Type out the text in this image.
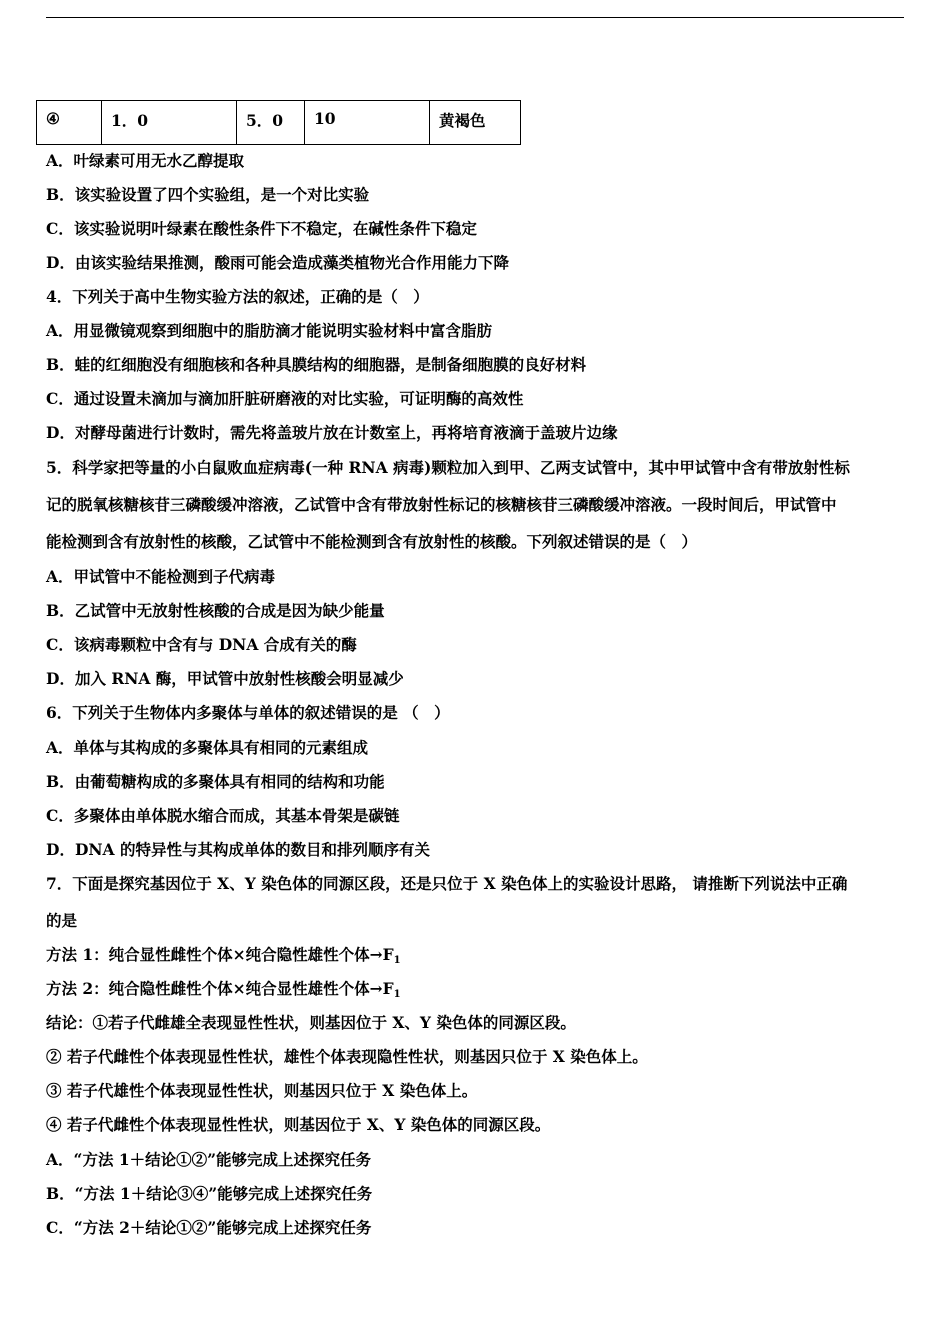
④	1．0	5．0	10	黄褐色
A．叶绿素可用无水乙醇提取
B．该实验设置了四个实验组，是一个对比实验
C．该实验说明叶绿素在酸性条件下不稳定，在碱性条件下稳定
D．由该实验结果推测，酸雨可能会造成藻类植物光合作用能力下降
4．下列关于高中生物实验方法的叙述，正确的是（　）
A．用显微镜观察到细胞中的脂肪滴才能说明实验材料中富含脂肪
B．蛙的红细胞没有细胞核和各种具膜结构的细胞器，是制备细胞膜的良好材料
C．通过设置未滴加与滴加肝脏研磨液的对比实验，可证明酶的高效性
D．对酵母菌进行计数时，需先将盖玻片放在计数室上，再将培育液滴于盖玻片边缘
5．科学家把等量的小白鼠败血症病毒(一种 RNA 病毒)颗粒加入到甲、乙两支试管中，其中甲试管中含有带放射性标
记的脱氧核糖核苷三磷酸缓冲溶液，乙试管中含有带放射性标记的核糖核苷三磷酸缓冲溶液。一段时间后，甲试管中
能检测到含有放射性的核酸，乙试管中不能检测到含有放射性的核酸。下列叙述错误的是（　）
A．甲试管中不能检测到子代病毒
B．乙试管中无放射性核酸的合成是因为缺少能量
C．该病毒颗粒中含有与 DNA 合成有关的酶
D．加入 RNA 酶，甲试管中放射性核酸会明显减少
6．下列关于生物体内多聚体与单体的叙述错误的是 （　）
A．单体与其构成的多聚体具有相同的元素组成
B．由葡萄糖构成的多聚体具有相同的结构和功能
C．多聚体由单体脱水缩合而成，其基本骨架是碳链
D．DNA 的特异性与其构成单体的数目和排列顺序有关
7．下面是探究基因位于 X、Y 染色体的同源区段，还是只位于 X 染色体上的实验设计思路， 请推断下列说法中正确
的是
方法 1：纯合显性雌性个体×纯合隐性雄性个体$\to F_1$
方法 2：纯合隐性雌性个体×纯合显性雄性个体$\to F_1$
结论：①若子代雌雄全表现显性性状，则基因位于 X、Y 染色体的同源区段。
② 若子代雌性个体表现显性性状，雄性个体表现隐性性状，则基因只位于 X 染色体上。
③ 若子代雄性个体表现显性性状，则基因只位于 X 染色体上。
④ 若子代雌性个体表现显性性状，则基因位于 X、Y 染色体的同源区段。
A．“方法 1＋结论①②”能够完成上述探究任务
B．“方法 1＋结论③④”能够完成上述探究任务
C．“方法 2＋结论①②”能够完成上述探究任务
